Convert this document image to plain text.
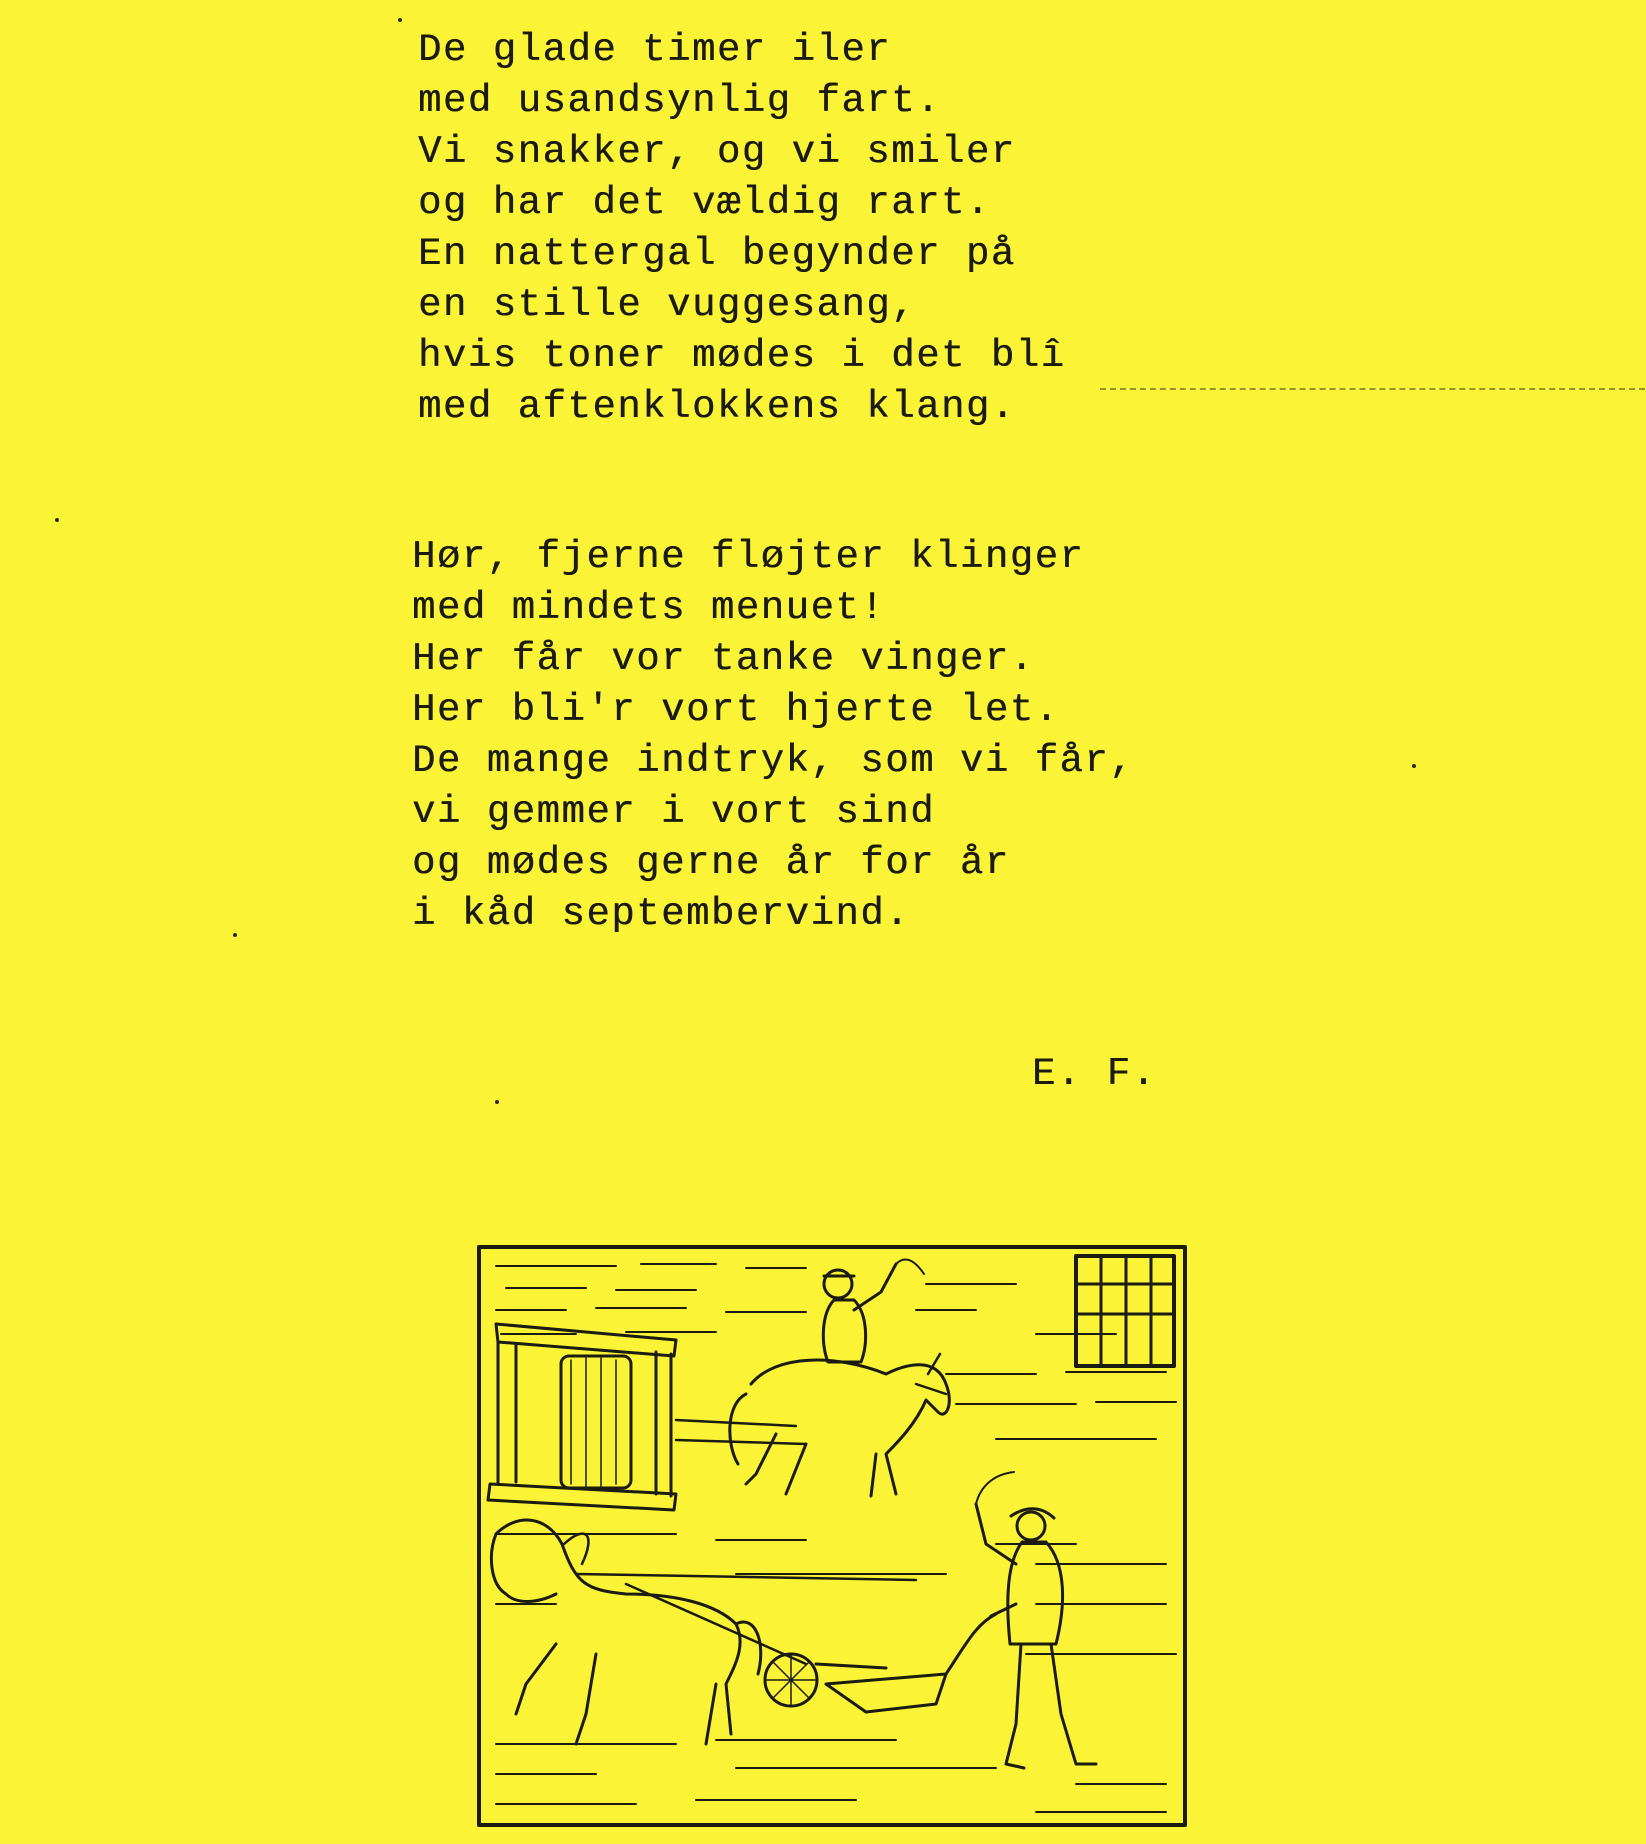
De glade timer iler
med usandsynlig fart.
Vi snakker, og vi smiler
og har det vældig rart.
En nattergal begynder på
en stille vuggesang,
hvis toner mødes i det blî
med aftenklokkens klang.
Hør, fjerne fløjter klinger
med mindets menuet!
Her får vor tanke vinger.
Her bli'r vort hjerte let.
De mange indtryk, som vi får,
vi gemmer i vort sind
og mødes gerne år for år
i kåd septembervind.
E. F.
